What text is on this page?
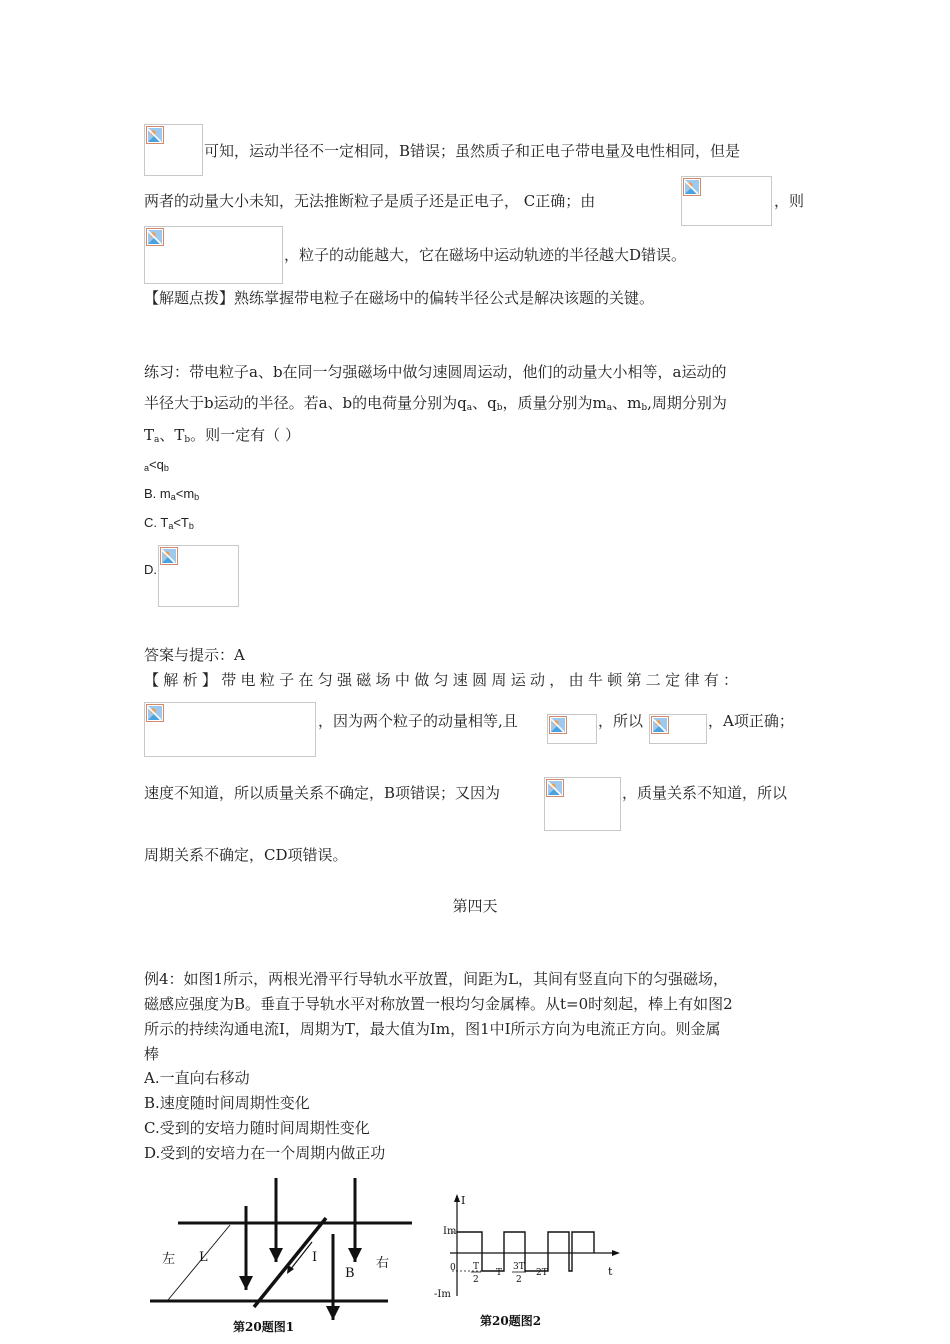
可知，运动半径不一定相同，B错误；虽然质子和正电子带电量及电性相同，但是
两者的动量大小未知，无法推断粒子是质子还是正电子， C正确；由	，则
，粒子的动能越大，它在磁场中运动轨迹的半径越大D错误。
【解题点拨】熟练掌握带电粒子在磁场中的偏转半径公式是解决该题的关键。
练习：带电粒子a、b在同一匀强磁场中做匀速圆周运动，他们的动量大小相等，a运动的
半径大于b运动的半径。若a、b的电荷量分别为$q_a$、$q_b$，质量分别为$m_a$、$m_b$,周期分别为
$T_a$、$T_b$。则一定有（ ）
$_a<q_b$
B. $m_a<m_b$
C. $T_a<T_b$
D.
答案与提示：A
【解析】带电粒子在匀强磁场中做匀速圆周运动，由牛顿第二定律有：
，因为两个粒子的动量相等,且	，所以	，A项正确；
速度不知道，所以质量关系不确定，B项错误；又因为	，质量关系不知道，所以
周期关系不确定，CD项错误。
第四天
例4：如图1所示，两根光滑平行导轨水平放置，间距为L，其间有竖直向下的匀强磁场，
磁感应强度为B。垂直于导轨水平对称放置一根均匀金属棒。从t=0时刻起，棒上有如图2
所示的持续沟通电流I，周期为T，最大值为Im，图1中I所示方向为电流正方向。则金属
棒
A.一直向右移动
B.速度随时间周期性变化
C.受到的安培力随时间周期性变化
D.受到的安培力在一个周期内做正功
左	右
L	I
B
第20题图1
I
Im
-Im
0 T
2
T
3T
2
2T	t
第20题图2
